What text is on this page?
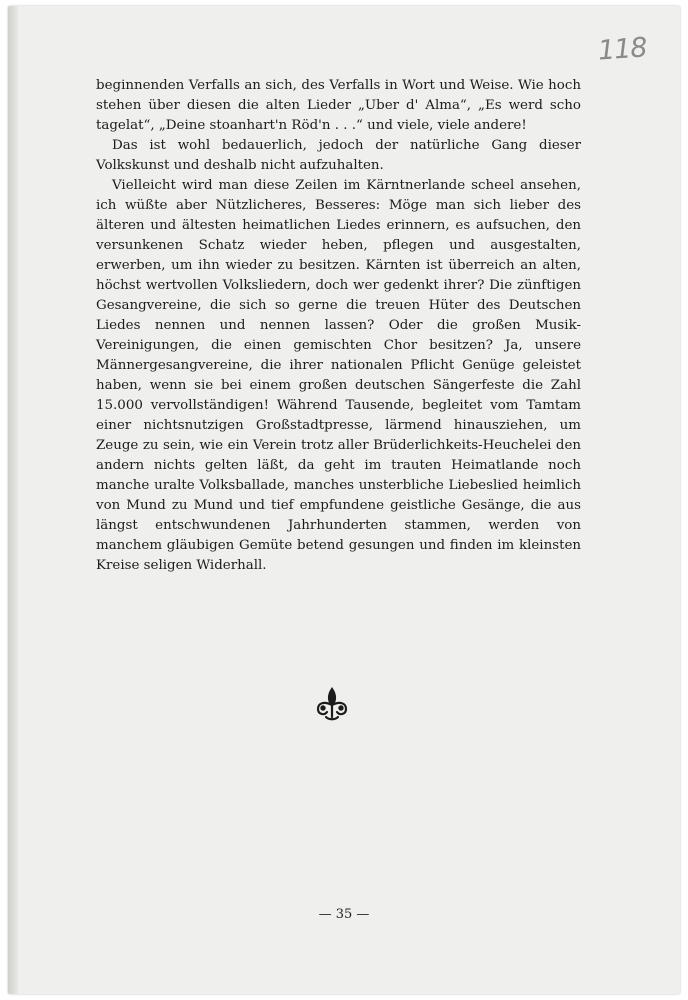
118

beginnenden Verfalls an sich, des Verfalls in Wort und Weise. Wie hoch stehen über diesen die alten Lieder „Uber d' Alma“, „Es werd scho tagelat“, „Deine stoanhart'n Röd'n . . .“ und viele, viele andere!

Das ist wohl bedauerlich, jedoch der natürliche Gang dieser Volkskunst und deshalb nicht aufzuhalten.

Vielleicht wird man diese Zeilen im Kärntnerlande scheel ansehen, ich wüßte aber Nützlicheres, Besseres: Möge man sich lieber des älteren und ältesten heimatlichen Liedes erinnern, es aufsuchen, den versunkenen Schatz wieder heben, pflegen und ausgestalten, erwerben, um ihn wieder zu besitzen. Kärnten ist überreich an alten, höchst wertvollen Volksliedern, doch wer gedenkt ihrer? Die zünftigen Gesangvereine, die sich so gerne die treuen Hüter des Deutschen Liedes nennen und nennen lassen? Oder die großen Musik-Vereinigungen, die einen gemischten Chor besitzen? Ja, unsere Männergesangvereine, die ihrer nationalen Pflicht Genüge geleistet haben, wenn sie bei einem großen deutschen Sängerfeste die Zahl 15.000 vervollständigen! Während Tausende, begleitet vom Tamtam einer nichtsnutzigen Großstadtpresse, lärmend hinausziehen, um Zeuge zu sein, wie ein Verein trotz aller Brüderlichkeits-Heuchelei den andern nichts gelten läßt, da geht im trauten Heimatlande noch manche uralte Volksballade, manches unsterbliche Liebeslied heimlich von Mund zu Mund und tief empfundene geistliche Gesänge, die aus längst entschwundenen Jahrhunderten stammen, werden von manchem gläubigen Gemüte betend gesungen und finden im kleinsten Kreise seligen Widerhall.

— 35 —
